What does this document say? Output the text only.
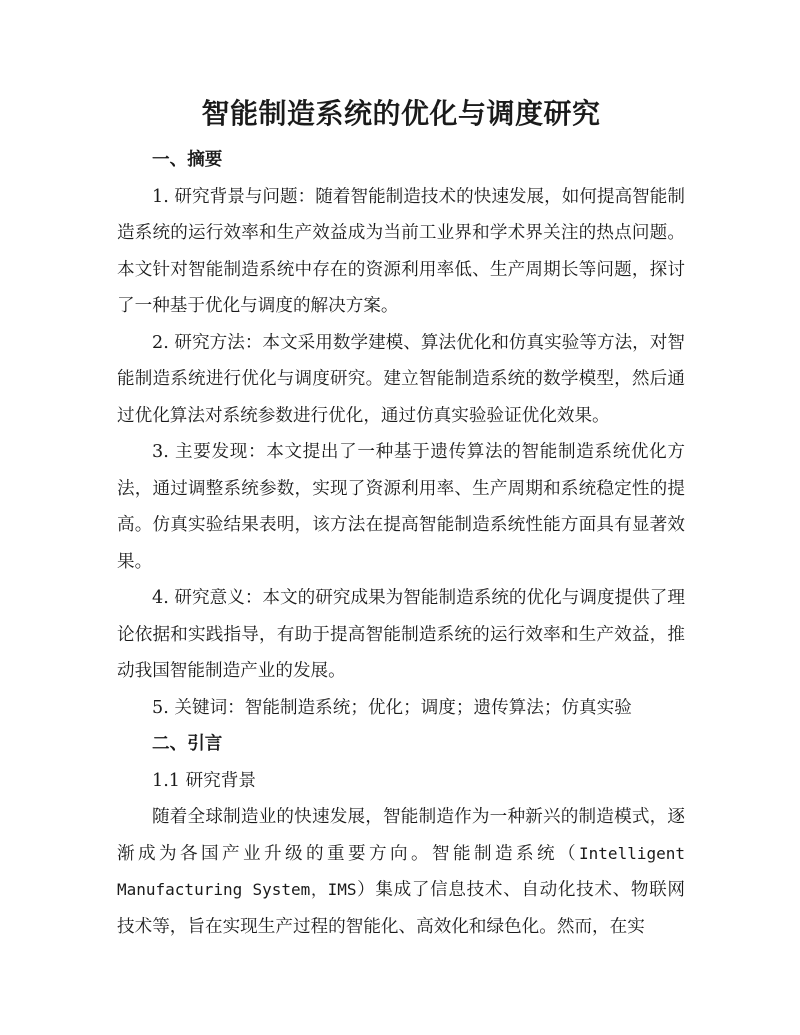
智能制造系统的优化与调度研究

一、摘要

1. 研究背景与问题：随着智能制造技术的快速发展，如何提高智能制造系统的运行效率和生产效益成为当前工业界和学术界关注的热点问题。本文针对智能制造系统中存在的资源利用率低、生产周期长等问题，探讨了一种基于优化与调度的解决方案。

2. 研究方法：本文采用数学建模、算法优化和仿真实验等方法，对智能制造系统进行优化与调度研究。建立智能制造系统的数学模型，然后通过优化算法对系统参数进行优化，通过仿真实验验证优化效果。

3. 主要发现：本文提出了一种基于遗传算法的智能制造系统优化方法，通过调整系统参数，实现了资源利用率、生产周期和系统稳定性的提高。仿真实验结果表明，该方法在提高智能制造系统性能方面具有显著效果。

4. 研究意义：本文的研究成果为智能制造系统的优化与调度提供了理论依据和实践指导，有助于提高智能制造系统的运行效率和生产效益，推动我国智能制造产业的发展。

5. 关键词：智能制造系统；优化；调度；遗传算法；仿真实验

二、引言

1.1 研究背景

随着全球制造业的快速发展，智能制造作为一种新兴的制造模式，逐渐成为各国产业升级的重要方向。智能制造系统（Intelligent Manufacturing System，IMS）集成了信息技术、自动化技术、物联网技术等，旨在实现生产过程的智能化、高效化和绿色化。然而，在实
